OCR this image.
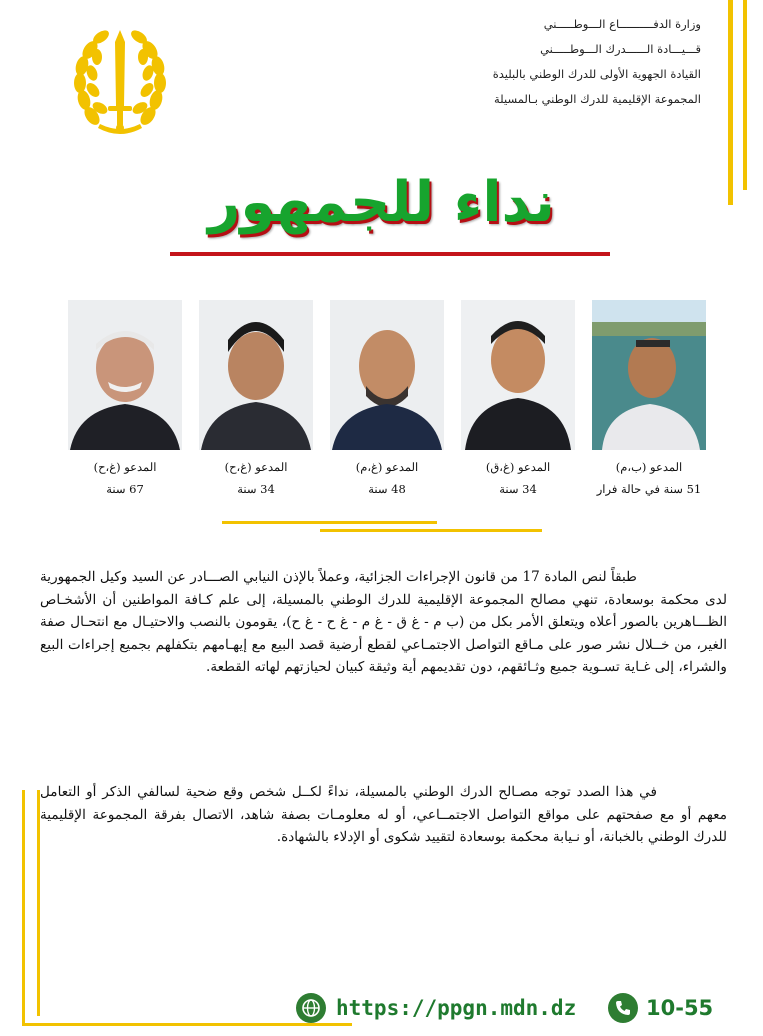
وزارة الدفــــــــــاع الـــوطـــــني
قـــيـــادة الــــــدرك الـــوطـــــني
القيادة الجهوية الأولى للدرك الوطني بالبليدة
المجموعة الإقليمية للدرك الوطني بـالمسيلة
نداء للجمهور
المدعو (ب،م)
51 سنة في حالة فرار
المدعو (غ،ق)
34 سنة
المدعو (غ،م)
48 سنة
المدعو (غ،ح)
34 سنة
المدعو (غ،ح)
67 سنة
طبقاً لنص المادة 17 من قانون الإجراءات الجزائية، وعملاً بالإذن النيابي الصـــادر عن السيد وكيل الجمهورية لدى محكمة بوسعادة، تنهي مصالح المجموعة الإقليمية للدرك الوطني بالمسيلة، إلى علم كـافة المواطنين أن الأشخـاص الظـــاهرين بالصور أعلاه ويتعلق الأمر بكل من (ب م - غ ق - غ م - غ ح - غ ح)، يقومون بالنصب والاحتيـال مع انتحـال صفة الغير، من خــلال نشر صور على مـاقع التواصل الاجتمـاعي لقطع أرضية قصد البيع مع إيهـامهم بتكفلهم بجميع إجراءات البيع والشراء، إلى غـاية تسـوية جميع وثـائقهم، دون تقديمهم أية وثيقة كبيان لحيازتهم لهاته القطعة.
في هذا الصدد توجه مصـالح الدرك الوطني بالمسيلة، نداءً لكــل شخص وقع ضحية لسالفي الذكر أو التعامل معهم أو مع صفحتهم على مواقع التواصل الاجتمــاعي، أو له معلومـات بصفة شاهد، الاتصال بفرقة المجموعة الإقليمية للدرك الوطني بالخبانة، أو نـيابة محكمة بوسعادة لتقييد شكوى أو الإدلاء بالشهادة.
https://ppgn.mdn.dz	10-55
